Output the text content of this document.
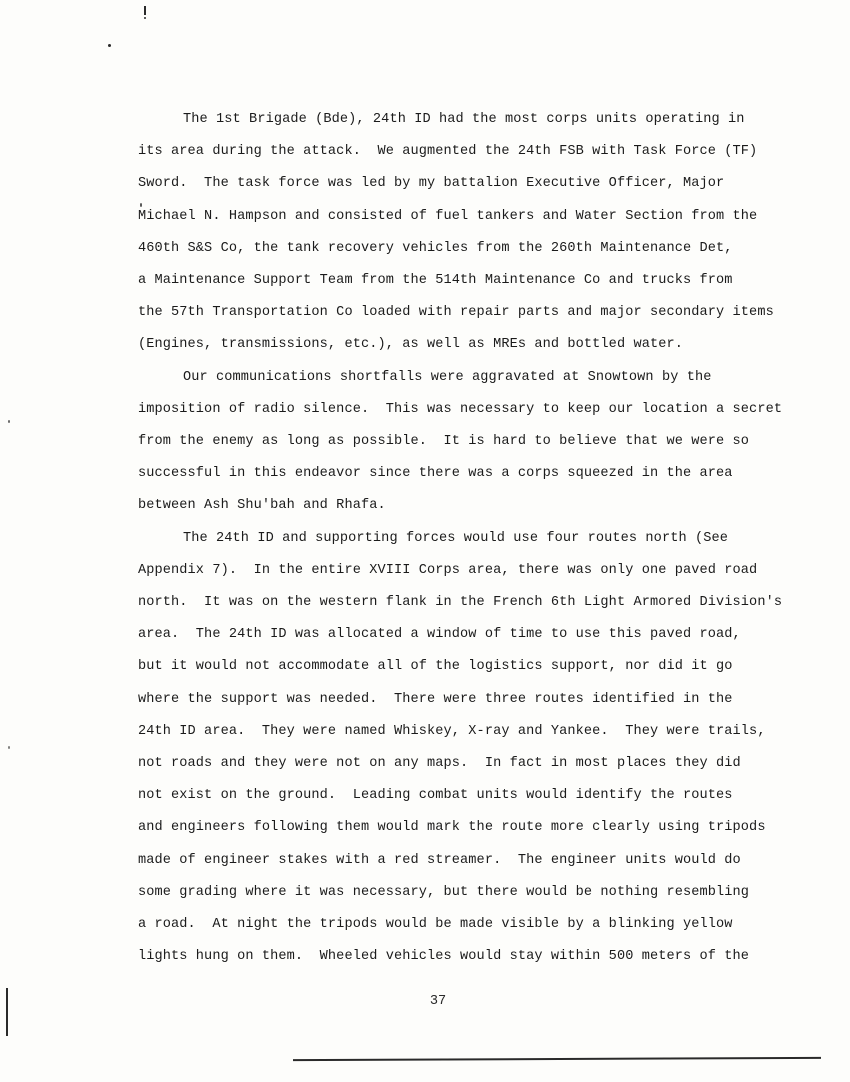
The 1st Brigade (Bde), 24th ID had the most corps units operating in
its area during the attack.  We augmented the 24th FSB with Task Force (TF)
Sword.  The task force was led by my battalion Executive Officer, Major
Michael N. Hampson and consisted of fuel tankers and Water Section from the
460th S&S Co, the tank recovery vehicles from the 260th Maintenance Det,
a Maintenance Support Team from the 514th Maintenance Co and trucks from
the 57th Transportation Co loaded with repair parts and major secondary items
(Engines, transmissions, etc.), as well as MREs and bottled water.
Our communications shortfalls were aggravated at Snowtown by the
imposition of radio silence.  This was necessary to keep our location a secret
from the enemy as long as possible.  It is hard to believe that we were so
successful in this endeavor since there was a corps squeezed in the area
between Ash Shu'bah and Rhafa.
The 24th ID and supporting forces would use four routes north (See
Appendix 7).  In the entire XVIII Corps area, there was only one paved road
north.  It was on the western flank in the French 6th Light Armored Division's
area.  The 24th ID was allocated a window of time to use this paved road,
but it would not accommodate all of the logistics support, nor did it go
where the support was needed.  There were three routes identified in the
24th ID area.  They were named Whiskey, X-ray and Yankee.  They were trails,
not roads and they were not on any maps.  In fact in most places they did
not exist on the ground.  Leading combat units would identify the routes
and engineers following them would mark the route more clearly using tripods
made of engineer stakes with a red streamer.  The engineer units would do
some grading where it was necessary, but there would be nothing resembling
a road.  At night the tripods would be made visible by a blinking yellow
lights hung on them.  Wheeled vehicles would stay within 500 meters of the
37
